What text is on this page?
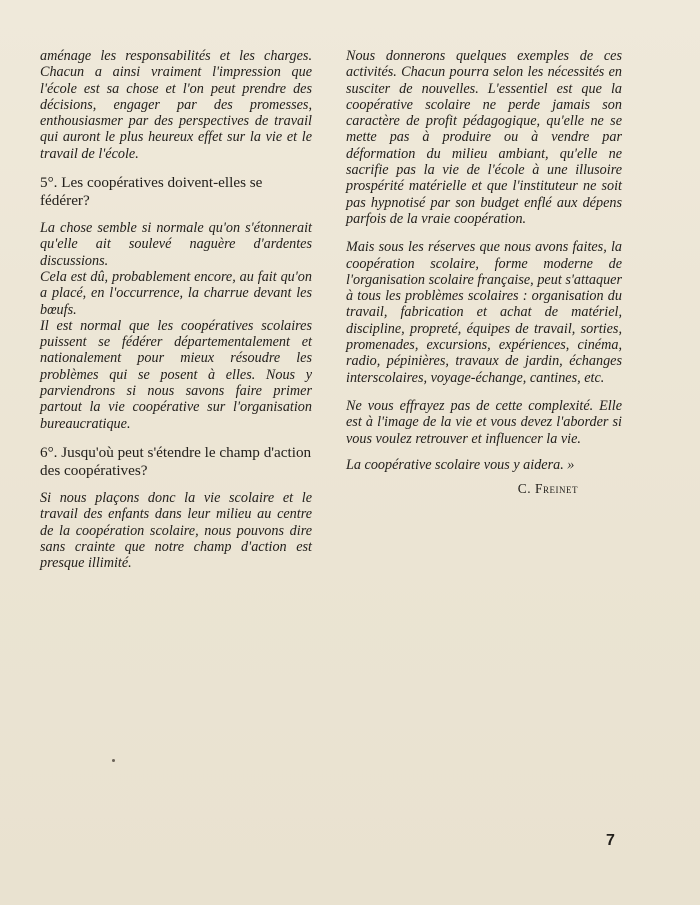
aménage les responsabilités et les charges. Chacun a ainsi vraiment l'impression que l'école est sa chose et l'on peut prendre des décisions, engager par des promesses, enthousiasmer par des perspectives de travail qui auront le plus heureux effet sur la vie et le travail de l'école.

5°. Les coopératives doivent-elles se fédérer?

La chose semble si normale qu'on s'étonnerait qu'elle ait soulevé naguère d'ardentes discussions.

Cela est dû, probablement encore, au fait qu'on a placé, en l'occurrence, la charrue devant les bœufs.

Il est normal que les coopératives scolaires puissent se fédérer départementalement et nationalement pour mieux résoudre les problèmes qui se posent à elles. Nous y parviendrons si nous savons faire primer partout la vie coopérative sur l'organisation bureaucratique.

6°. Jusqu'où peut s'étendre le champ d'action des coopératives?

Si nous plaçons donc la vie scolaire et le travail des enfants dans leur milieu au centre de la coopération scolaire, nous pouvons dire sans crainte que notre champ d'action est presque illimité.

Nous donnerons quelques exemples de ces activités. Chacun pourra selon les nécessités en susciter de nouvelles. L'essentiel est que la coopérative scolaire ne perde jamais son caractère de profit pédagogique, qu'elle ne se mette pas à produire ou à vendre par déformation du milieu ambiant, qu'elle ne sacrifie pas la vie de l'école à une illusoire prospérité matérielle et que l'instituteur ne soit pas hypnotisé par son budget enflé aux dépens parfois de la vraie coopération.

Mais sous les réserves que nous avons faites, la coopération scolaire, forme moderne de l'organisation scolaire française, peut s'attaquer à tous les problèmes scolaires : organisation du travail, fabrication et achat de matériel, discipline, propreté, équipes de travail, sorties, promenades, excursions, expériences, cinéma, radio, pépinières, travaux de jardin, échanges interscolaires, voyage-échange, cantines, etc.

Ne vous effrayez pas de cette complexité. Elle est à l'image de la vie et vous devez l'aborder si vous voulez retrouver et influencer la vie.

La coopérative scolaire vous y aidera. »

C. Freinet

7
